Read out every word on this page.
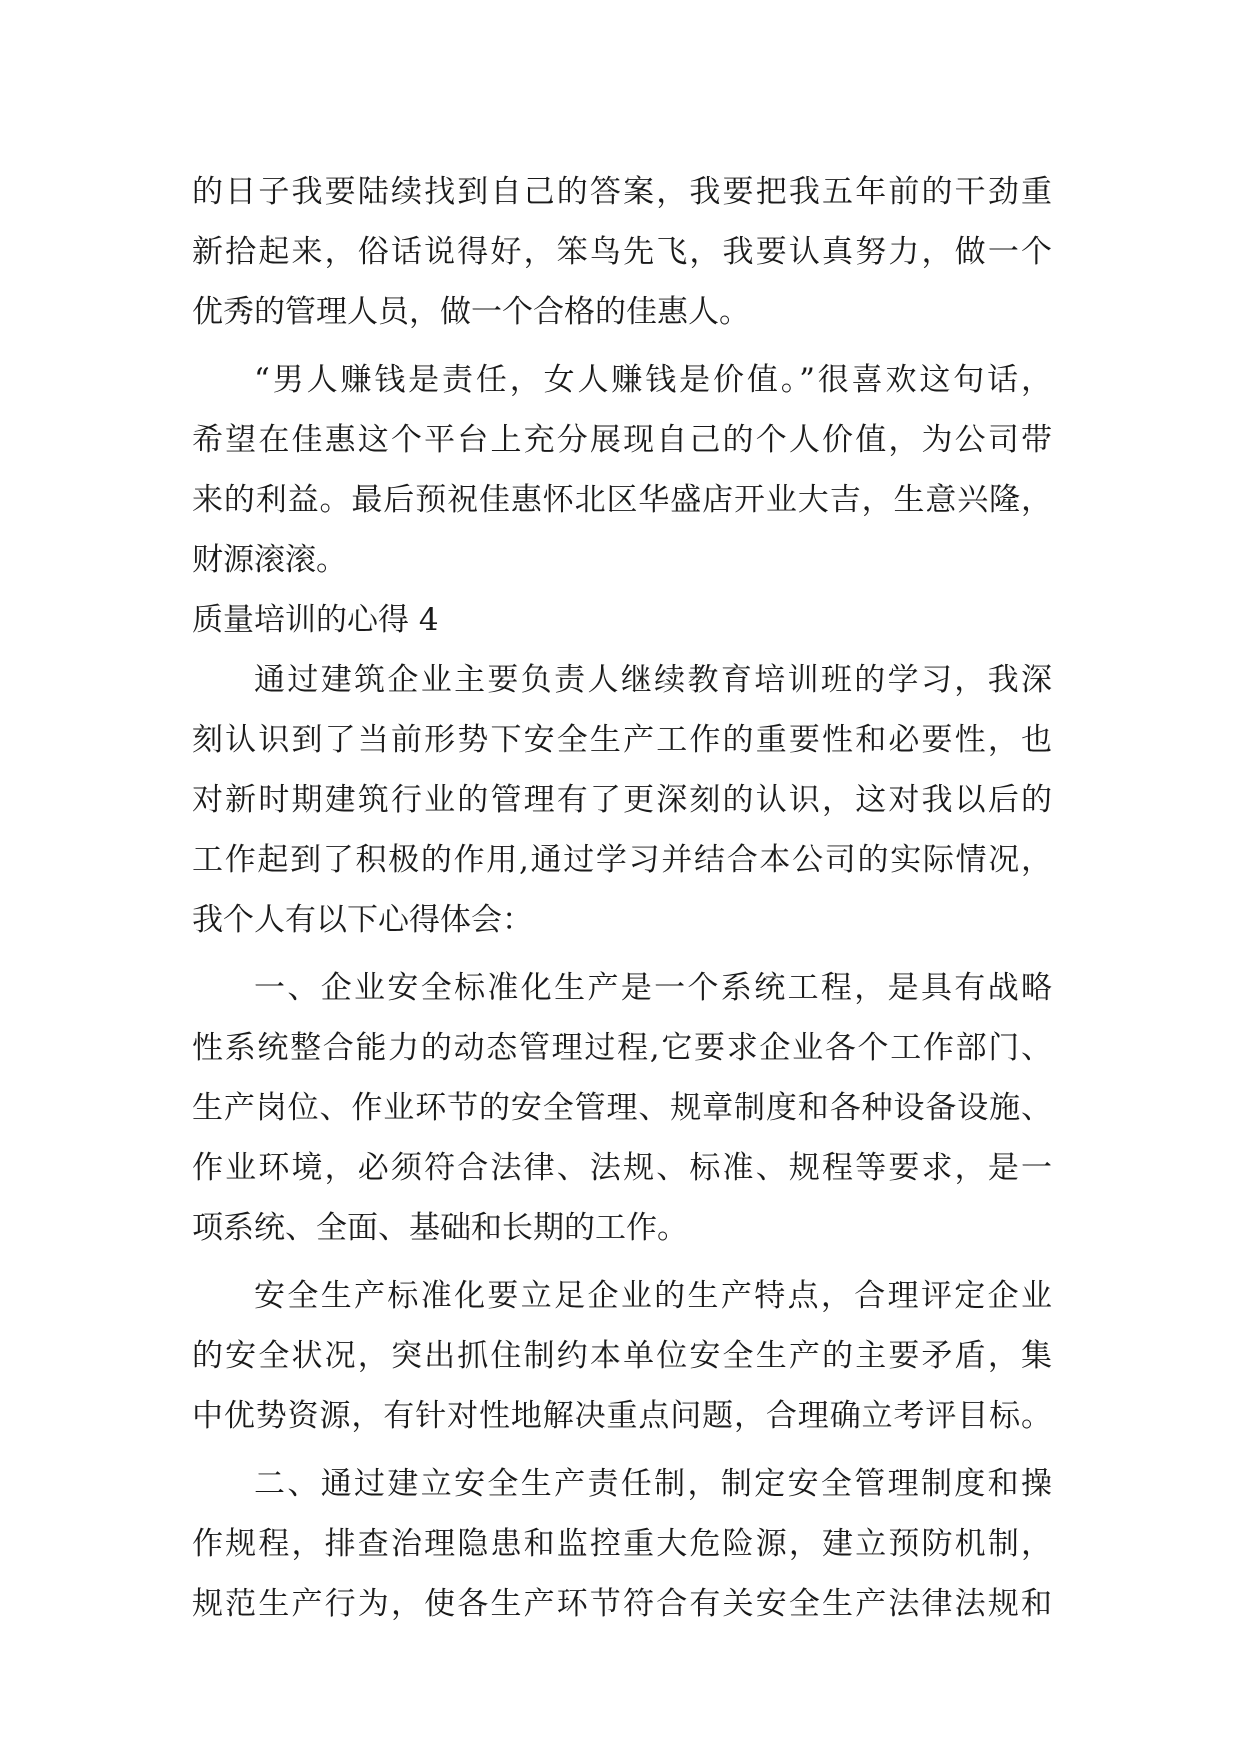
的日子我要陆续找到自己的答案，我要把我五年前的干劲重
新拾起来，俗话说得好，笨鸟先飞，我要认真努力，做一个
优秀的管理人员，做一个合格的佳惠人。
“男人赚钱是责任，女人赚钱是价值。”很喜欢这句话，
希望在佳惠这个平台上充分展现自己的个人价值，为公司带
来的利益。最后预祝佳惠怀北区华盛店开业大吉，生意兴隆，
财源滚滚。
质量培训的心得 4
通过建筑企业主要负责人继续教育培训班的学习，我深
刻认识到了当前形势下安全生产工作的重要性和必要性，也
对新时期建筑行业的管理有了更深刻的认识，这对我以后的
工作起到了积极的作用,通过学习并结合本公司的实际情况，
我个人有以下心得体会：
一、企业安全标准化生产是一个系统工程，是具有战略
性系统整合能力的动态管理过程,它要求企业各个工作部门、
生产岗位、作业环节的安全管理、规章制度和各种设备设施、
作业环境，必须符合法律、法规、标准、规程等要求，是一
项系统、全面、基础和长期的工作。
安全生产标准化要立足企业的生产特点，合理评定企业
的安全状况，突出抓住制约本单位安全生产的主要矛盾，集
中优势资源，有针对性地解决重点问题，合理确立考评目标。
二、通过建立安全生产责任制，制定安全管理制度和操
作规程，排查治理隐患和监控重大危险源，建立预防机制，
规范生产行为，使各生产环节符合有关安全生产法律法规和
